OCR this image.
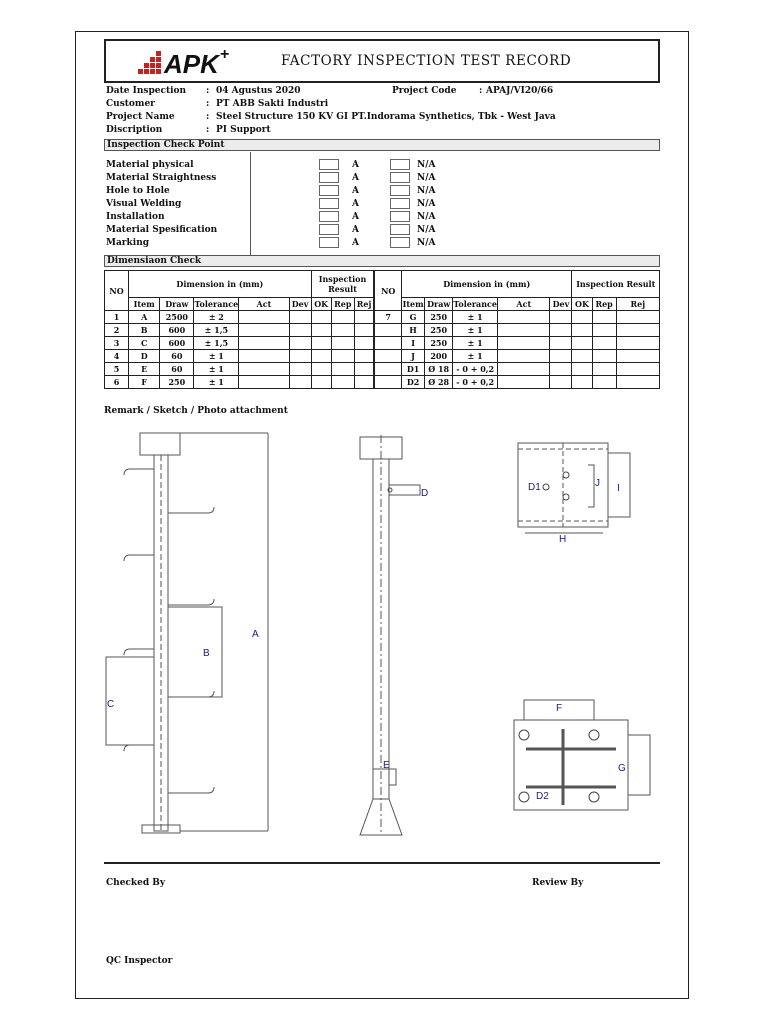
APK +	FACTORY INSPECTION TEST RECORD
Date Inspection : 04 Agustus 2020
Customer	: PT ABB Sakti Industri
Project Name	: Steel Structure 150 KV GI PT.Indorama Synthetics, Tbk - West Java
Discription	: PI Support
Project Code	: APAJ/VI20/66
Inspection Check Point
Material physical	A	N/A
Material Straightness	A	N/A
Hole to Hole	A	N/A
Visual Welding	A	N/A
Installation	A	N/A
Material Spesification	A	N/A
Marking	A	N/A
Dimensiaon Check
NO	Dimension in (mm)					Inspection Result			NO	Dimension in (mm)					Inspection Result		
	Item	Draw	Tolerance	Act	Dev	OK	Rep	Rej		Item	Draw	Tolerance	Act	Dev	OK	Rep	Rej
1	A	2500	± 2						7	G	250	± 1					
2	B	600	± 1,5							H	250	± 1					
3	C	600	± 1,5							I	250	± 1					
4	D	60	± 1							J	200	± 1					
5	E	60	± 1							D1	Ø 18	- 0 + 0,2					
6	F	250	± 1							D2	Ø 28	- 0 + 0,2					
Remark / Sketch / Photo attachment
A
B
C
D
E
F
G
H
I
J
D1
D2
Checked By	Review By
QC Inspector
